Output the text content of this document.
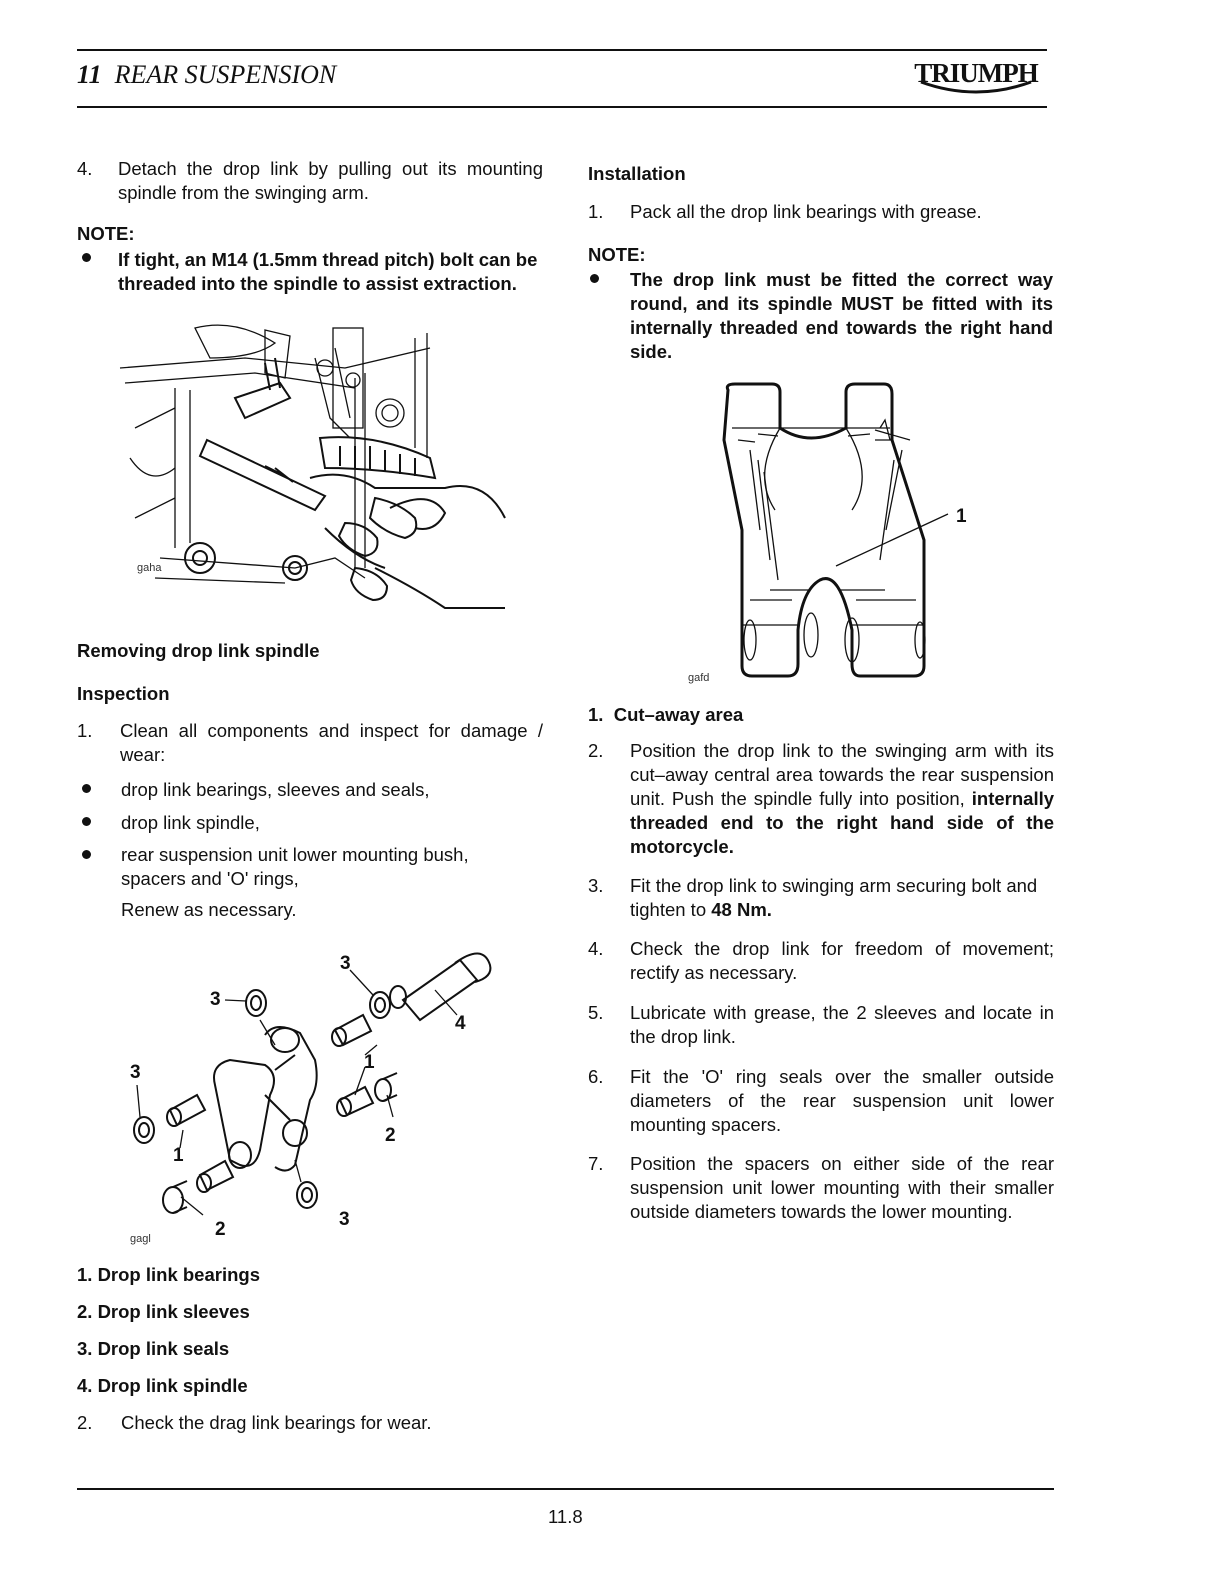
11 REAR SUSPENSION	TRIUMPH
4. Detach the drop link by pulling out its mounting spindle from the swinging arm.
NOTE:
If tight, an M14 (1.5mm thread pitch) bolt can be threaded into the spindle to assist extraction.
gaha
Removing drop link spindle
Inspection
1. Clean all components and inspect for damage / wear:
drop link bearings, sleeves and seals,
drop link spindle,
rear suspension unit lower mounting bush, spacers and 'O' rings,
Renew as necessary.
3
3
4
3	1
2
1
2	3
gagl
1. Drop link bearings
2. Drop link sleeves
3. Drop link seals
4. Drop link spindle
2. Check the drag link bearings for wear.
Installation
1. Pack all the drop link bearings with grease.
NOTE:
The drop link must be fitted the correct way round, and its spindle MUST be fitted with its internally threaded end towards the right hand side.
1
gafd
1.  Cut–away area
2. Position the drop link to the swinging arm with its cut–away central area towards the rear suspension unit. Push the spindle fully into position, internally threaded end to the right hand side of the motorcycle.
3. Fit the drop link to swinging arm securing bolt and tighten to 48 Nm.
4. Check the drop link for freedom of movement; rectify as necessary.
5. Lubricate with grease, the 2 sleeves and locate in the drop link.
6. Fit the 'O' ring seals over the smaller outside diameters of the rear suspension unit lower mounting spacers.
7. Position the spacers on either side of the rear suspension unit lower mounting with their smaller outside diameters towards the lower mounting.
11.8
